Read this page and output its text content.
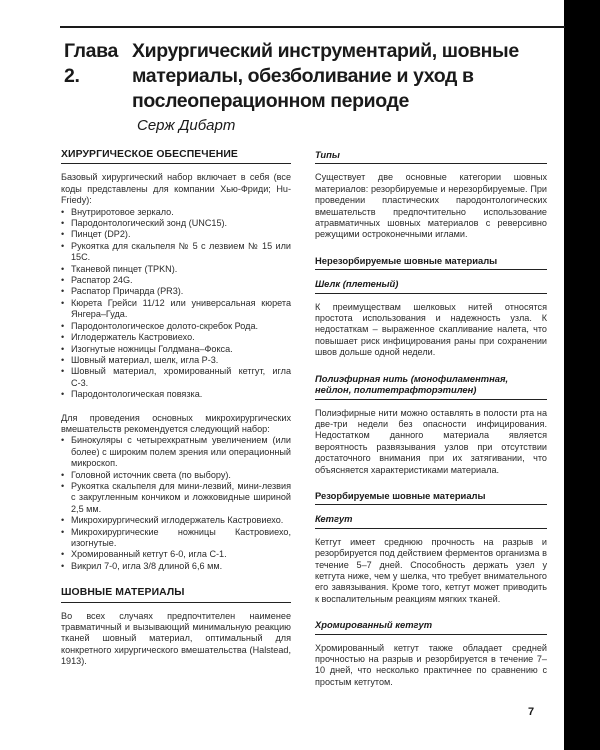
Глава 2.
Хирургический инструментарий, шовные материалы, обезболивание и уход в послеоперационном периоде

Серж Дибарт

ХИРУРГИЧЕСКОЕ ОБЕСПЕЧЕНИЕ

Базовый хирургический набор включает в себя (все коды представлены для компании Хью-Фриди; Hu-Friedy):

• Внутриротовое зеркало.
• Пародонтологический зонд (UNC15).
• Пинцет (DP2).
• Рукоятка для скальпеля № 5 с лезвием № 15 или 15С.
• Тканевой пинцет (TPKN).
• Распатор 24G.
• Распатор Причарда (PR3).
• Кюрета Грейси 11/12 или универсальная кюрета Янгера–Гуда.
• Пародонтологическое долото-скребок Рода.
• Иглодержатель Кастровиехо.
• Изогнутые ножницы Голдмана–Фокса.
• Шовный материал, шелк, игла Р-3.
• Шовный материал, хромированный кетгут, игла С-3.
• Пародонтологическая повязка.

Для проведения основных микрохирургических вмешательств рекомендуется следующий набор:

• Бинокуляры с четырехкратным увеличением (или более) с широким полем зрения или операционный микроскоп.
• Головной источник света (по выбору).
• Рукоятка скальпеля для мини-лезвий, мини-лезвия с закругленным кончиком и ложковидные шириной 2,5 мм.
• Микрохирургический иглодержатель Кастровиехо.
• Микрохирургические ножницы Кастровиехо, изогнутые.
• Хромированный кетгут 6-0, игла С-1.
• Викрил 7-0, игла 3/8 длиной 6,6 мм.
ШОВНЫЕ МАТЕРИАЛЫ

Во всех случаях предпочтителен наименее травматичный и вызывающий минимальную реакцию тканей шовный материал, оптимальный для конкретного хирургического вмешательства (Halstead, 1913).

Типы

Существует две основные категории шовных материалов: резорбируемые и нерезорбируемые. При проведении пластических пародонтологических вмешательств предпочтительно использование атравматичных шовных материалов с реверсивно режущими остроконечными иглами.

Нерезорбируемые шовные материалы
Шелк (плетеный)

К преимуществам шелковых нитей относятся простота использования и надежность узла. К недостаткам – выраженное скапливание налета, что повышает риск инфицирования раны при сохранении швов дольше одной недели.

Полиэфирная нить (монофиламентная, нейлон, политетрафторэтилен)

Полиэфирные нити можно оставлять в полости рта на две-три недели без опасности инфицирования. Недостатком данного материала является вероятность развязывания узлов при отсутствии достаточного внимания при их затягивании, что объясняется характеристиками материала.

Резорбируемые шовные материалы
Кетгут

Кетгут имеет среднюю прочность на разрыв и резорбируется под действием ферментов организма в течение 5–7 дней. Способность держать узел у кетгута ниже, чем у шелка, что требует внимательного его завязывания. Кроме того, кетгут может приводить к воспалительным реакциям мягких тканей.

Хромированный кетгут

Хромированный кетгут также обладает средней прочностью на разрыв и резорбируется в течение 7–10 дней, что несколько практичнее по сравнению с простым кетгутом.

7
